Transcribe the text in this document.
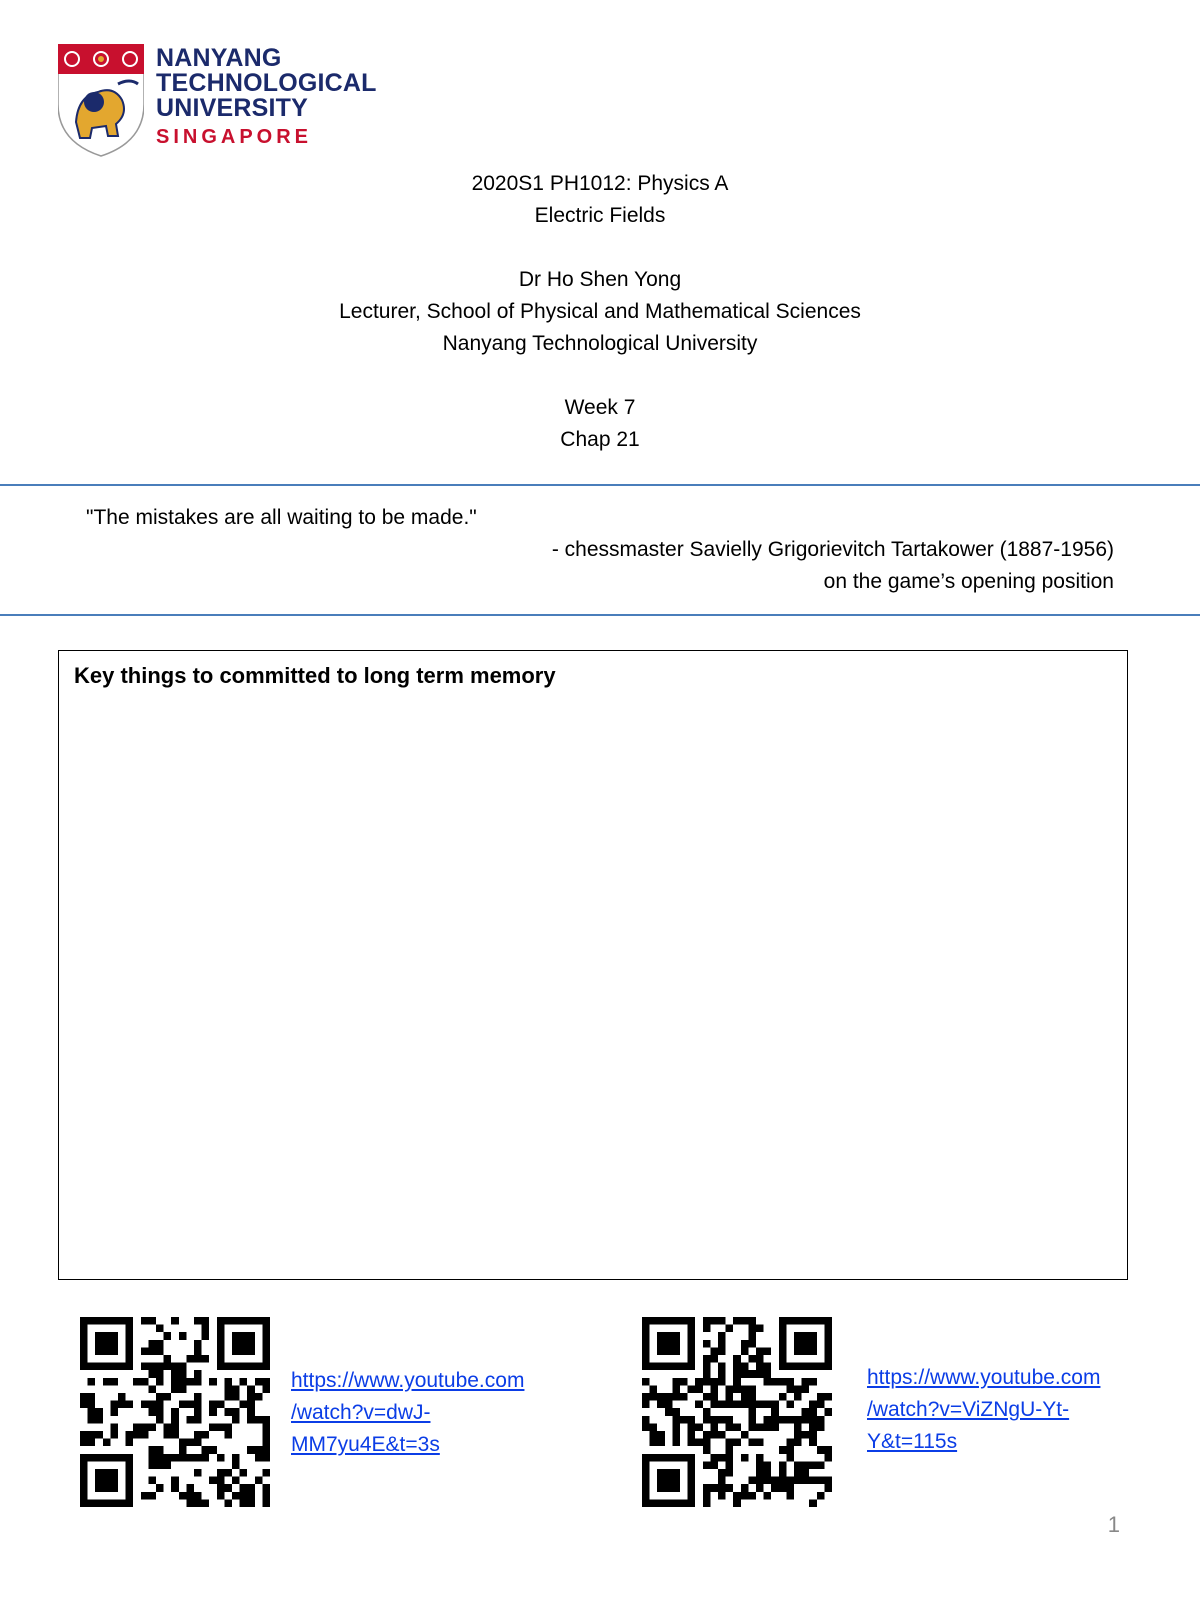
NANYANG
TECHNOLOGICAL
UNIVERSITY
SINGAPORE
2020S1 PH1012: Physics A
Electric Fields
Dr Ho Shen Yong
Lecturer, School of Physical and Mathematical Sciences
Nanyang Technological University
Week 7
Chap 21
"The mistakes are all waiting to be made."
- chessmaster Savielly Grigorievitch Tartakower (1887-1956)
on the game’s opening position
Key things to committed to long term memory
https://www.youtube.com
/watch?v=dwJ-
MM7yu4E&t=3s
https://www.youtube.com
/watch?v=ViZNgU-Yt-
Y&t=115s
1
